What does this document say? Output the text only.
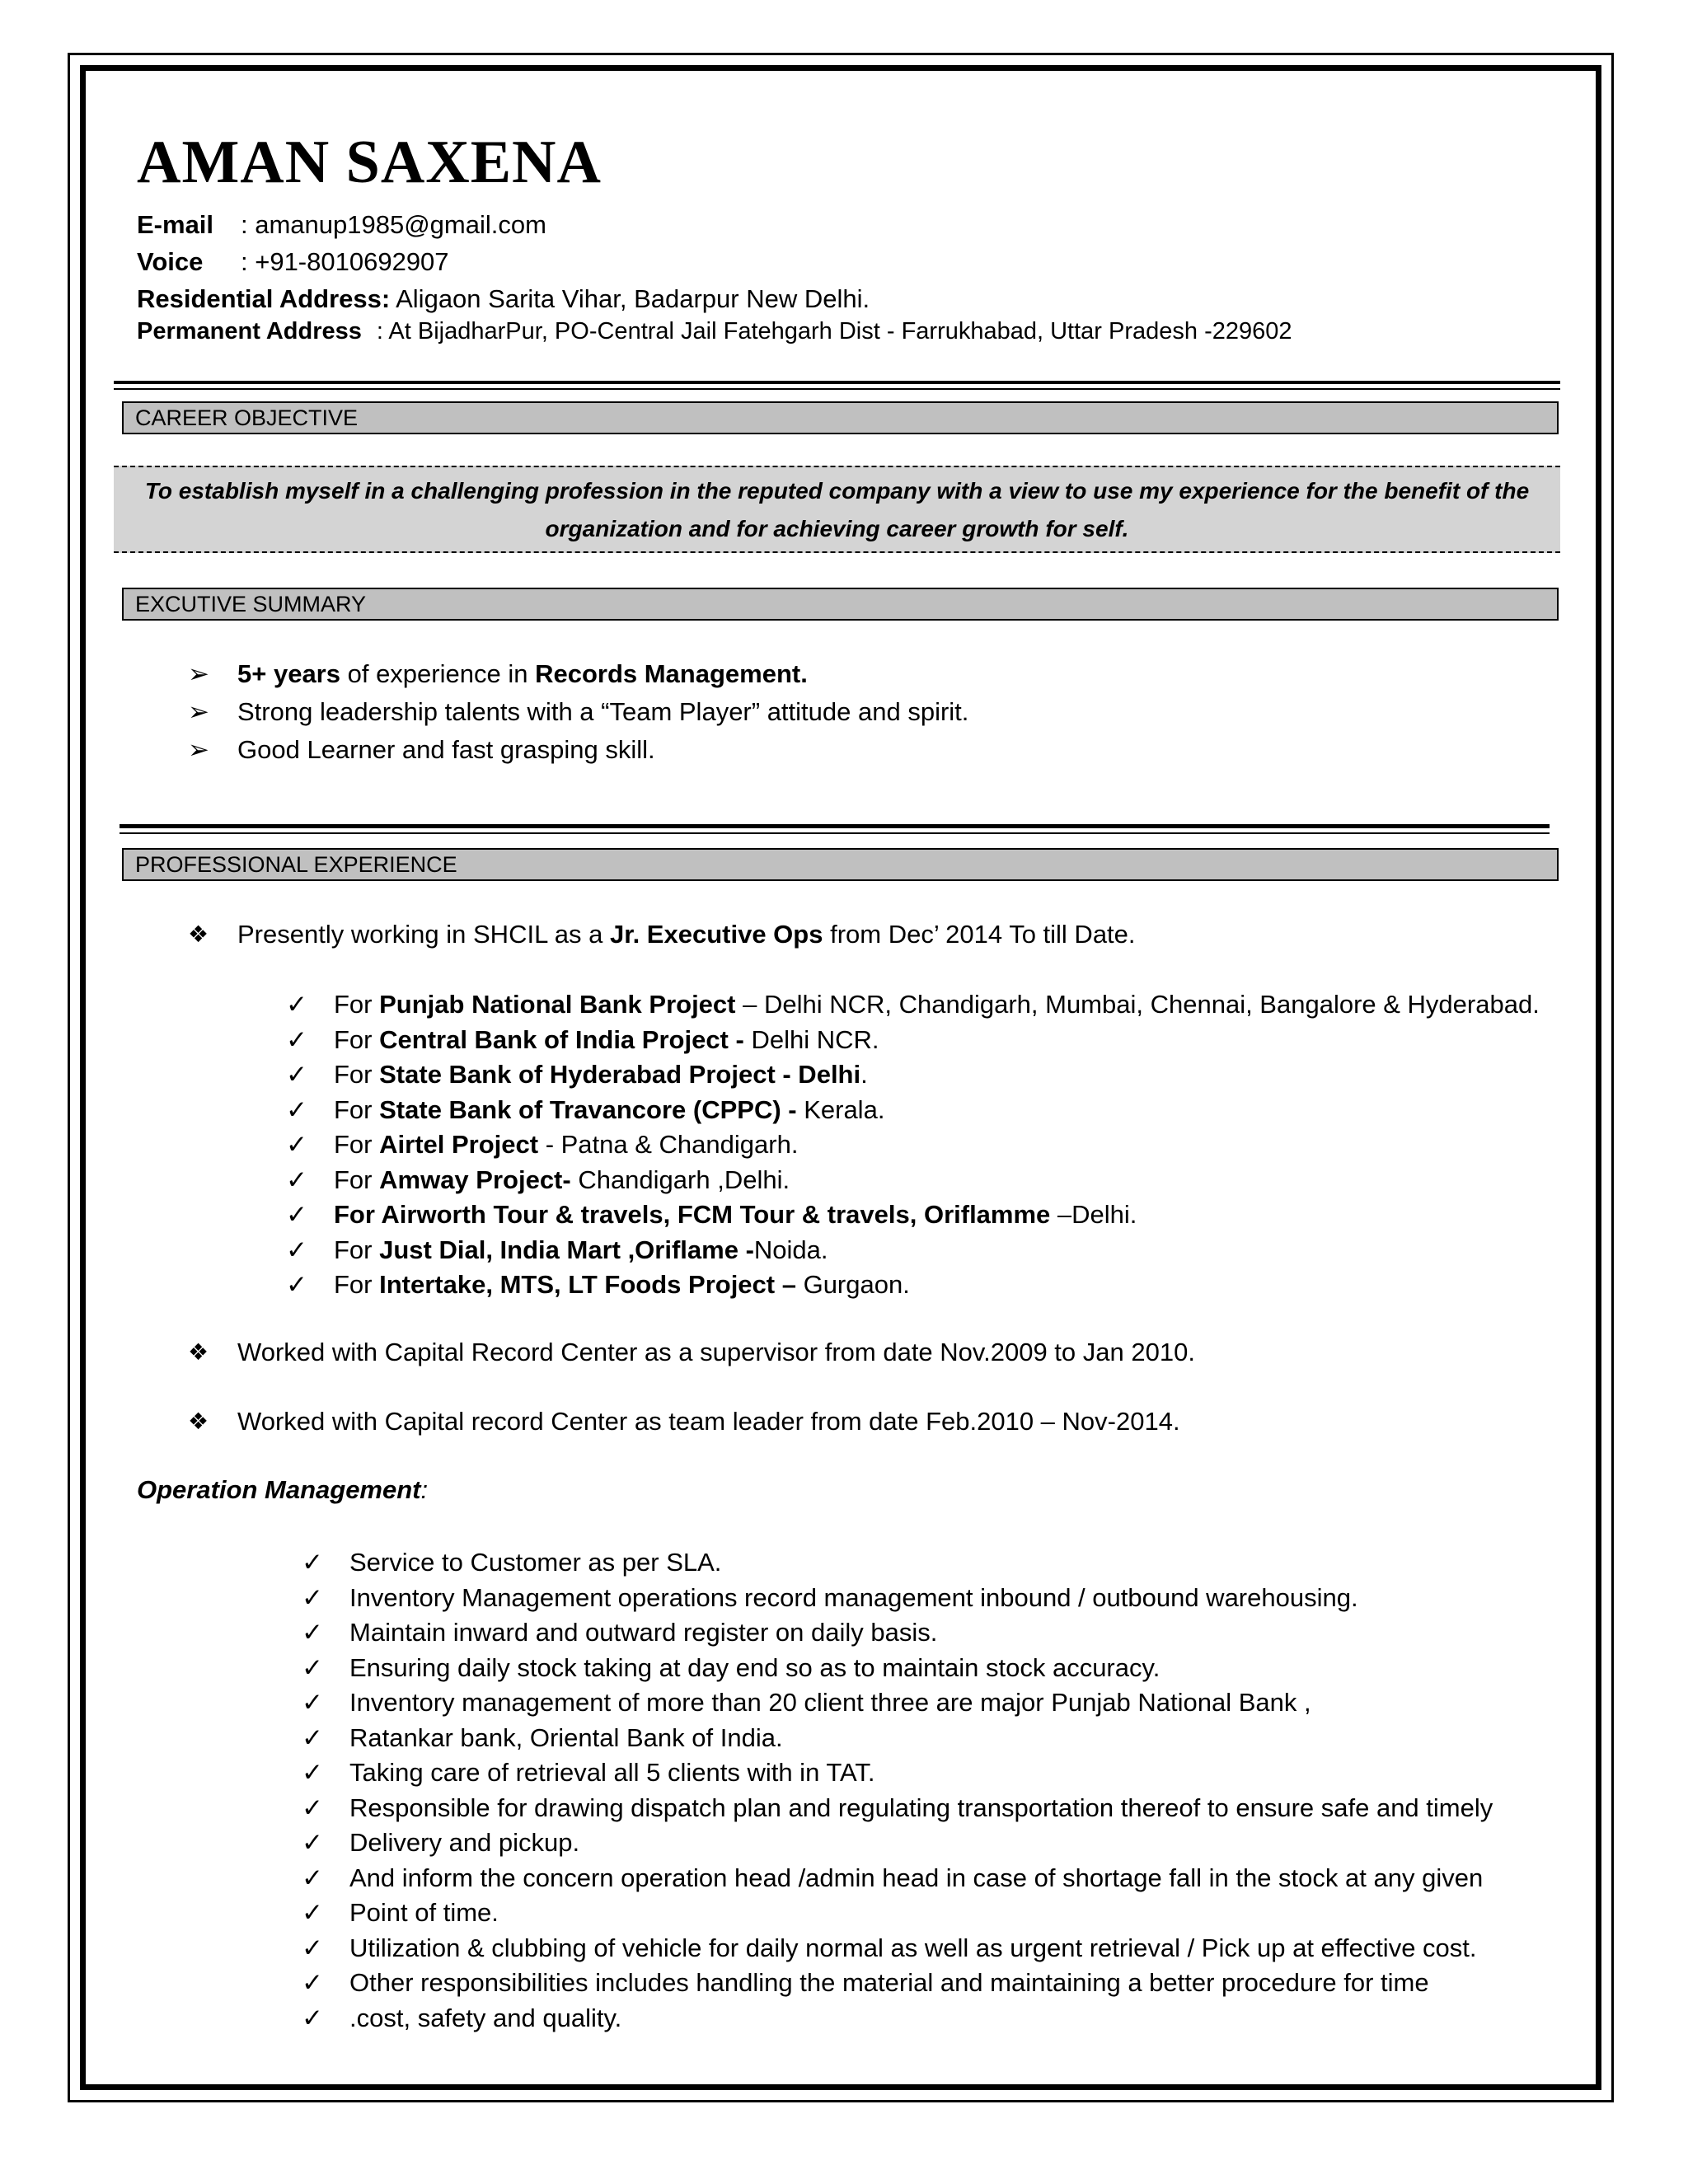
AMAN SAXENA
E-mail : amanup1985@gmail.com
Voice : +91-8010692907
Residential Address: Aligaon Sarita Vihar, Badarpur New Delhi.
Permanent Address : At BijadharPur, PO-Central Jail Fatehgarh Dist - Farrukhabad, Uttar Pradesh -229602
CAREER OBJECTIVE
To establish myself in a challenging profession in the reputed company with a view to use my experience for the benefit of the
organization and for achieving career growth for self.
EXCUTIVE SUMMARY
➢ 5+ years of experience in Records Management.
➢ Strong leadership talents with a “Team Player” attitude and spirit.
➢ Good Learner and fast grasping skill.
PROFESSIONAL EXPERIENCE
❖ Presently working in SHCIL as a Jr. Executive Ops from Dec’ 2014 To till Date.
✓ For Punjab National Bank Project – Delhi NCR, Chandigarh, Mumbai, Chennai, Bangalore & Hyderabad.
✓ For Central Bank of India Project - Delhi NCR.
✓ For State Bank of Hyderabad Project - Delhi.
✓ For State Bank of Travancore (CPPC) - Kerala.
✓ For Airtel Project - Patna & Chandigarh.
✓ For Amway Project- Chandigarh ,Delhi.
✓ For Airworth Tour & travels, FCM Tour & travels, Oriflamme –Delhi.
✓ For Just Dial, India Mart ,Oriflame -Noida.
✓ For Intertake, MTS, LT Foods Project – Gurgaon.
❖ Worked with Capital Record Center as a supervisor from date Nov.2009 to Jan 2010.
❖ Worked with Capital record Center as team leader from date Feb.2010 – Nov-2014.
Operation Management:
✓ Service to Customer as per SLA.
✓ Inventory Management operations record management inbound / outbound warehousing.
✓ Maintain inward and outward register on daily basis.
✓ Ensuring daily stock taking at day end so as to maintain stock accuracy.
✓ Inventory management of more than 20 client three are major Punjab National Bank ,
✓ Ratankar bank, Oriental Bank of India.
✓ Taking care of retrieval all 5 clients with in TAT.
✓ Responsible for drawing dispatch plan and regulating transportation thereof to ensure safe and timely
✓ Delivery and pickup.
✓ And inform the concern operation head /admin head in case of shortage fall in the stock at any given
✓ Point of time.
✓ Utilization & clubbing of vehicle for daily normal as well as urgent retrieval / Pick up at effective cost.
✓ Other responsibilities includes handling the material and maintaining a better procedure for time
✓ .cost, safety and quality.
